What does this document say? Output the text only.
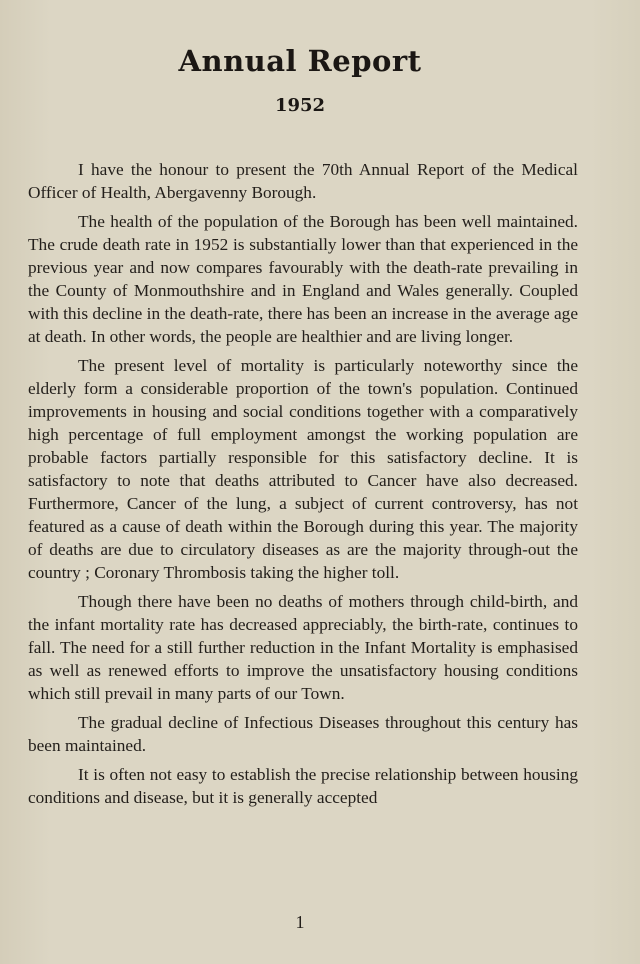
Annual Report
1952

I have the honour to present the 70th Annual Report of the Medical Officer of Health, Abergavenny Borough.

The health of the population of the Borough has been well maintained. The crude death rate in 1952 is substantially lower than that experienced in the previous year and now compares favourably with the death-rate prevailing in the County of Monmouthshire and in England and Wales generally. Coupled with this decline in the death-rate, there has been an increase in the average age at death. In other words, the people are healthier and are living longer.

The present level of mortality is particularly noteworthy since the elderly form a considerable proportion of the town's population. Continued improvements in housing and social conditions together with a comparatively high percentage of full employment amongst the working population are probable factors partially responsible for this satisfactory decline. It is satisfactory to note that deaths attributed to Cancer have also decreased. Furthermore, Cancer of the lung, a subject of current controversy, has not featured as a cause of death within the Borough during this year. The majority of deaths are due to circulatory diseases as are the majority through-out the country ; Coronary Thrombosis taking the higher toll.

Though there have been no deaths of mothers through child-birth, and the infant mortality rate has decreased appreciably, the birth-rate, continues to fall. The need for a still further reduction in the Infant Mortality is emphasised as well as renewed efforts to improve the unsatisfactory housing conditions which still prevail in many parts of our Town.

The gradual decline of Infectious Diseases throughout this century has been maintained.

It is often not easy to establish the precise relationship between housing conditions and disease, but it is generally accepted

1
